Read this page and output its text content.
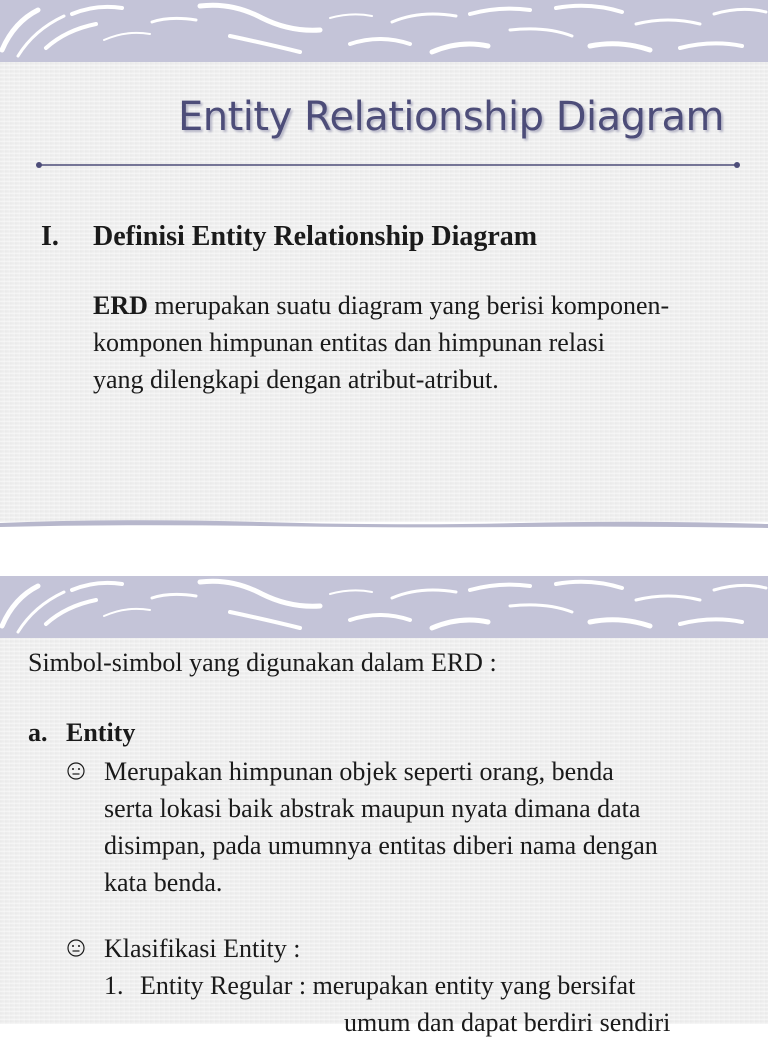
Entity Relationship Diagram
I. Definisi Entity Relationship Diagram

ERD merupakan suatu diagram yang berisi komponen-
komponen himpunan entitas dan himpunan relasi
yang dilengkapi dengan atribut-atribut.

Simbol-simbol yang digunakan dalam ERD :

a. Entity
Merupakan himpunan objek seperti orang, benda
serta lokasi baik abstrak maupun nyata dimana data
disimpan, pada umumnya entitas diberi nama dengan
kata benda.
Klasifikasi Entity :
1. Entity Regular : merupakan entity yang bersifat
umum dan dapat berdiri sendiri
